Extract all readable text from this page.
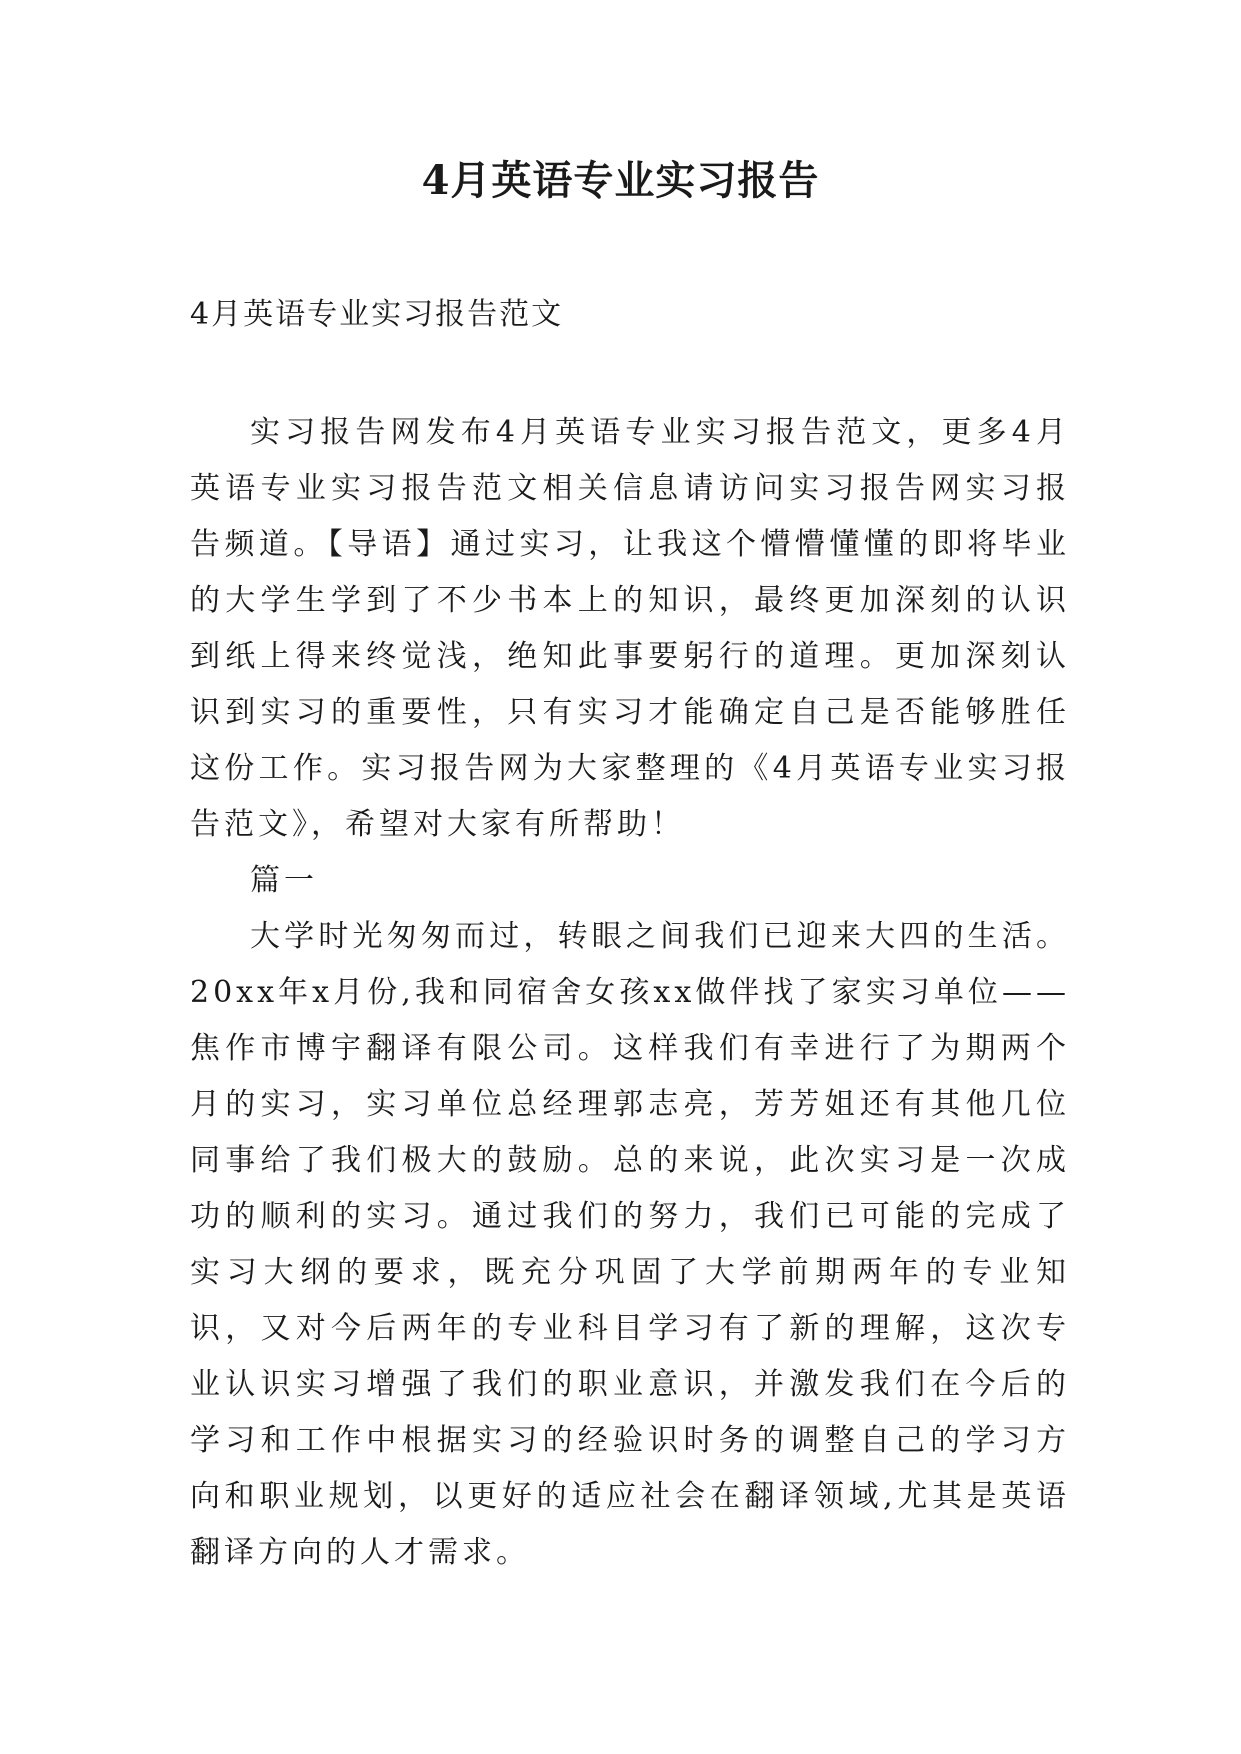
4月英语专业实习报告

4月英语专业实习报告范文

实习报告网发布4月英语专业实习报告范文，更多4月英语专业实习报告范文相关信息请访问实习报告网实习报告频道。【导语】通过实习，让我这个懵懵懂懂的即将毕业的大学生学到了不少书本上的知识，最终更加深刻的认识到纸上得来终觉浅，绝知此事要躬行的道理。更加深刻认识到实习的重要性，只有实习才能确定自己是否能够胜任这份工作。实习报告网为大家整理的《4月英语专业实习报告范文》，希望对大家有所帮助！

篇一

大学时光匆匆而过，转眼之间我们已迎来大四的生活。20xx年x月份,我和同宿舍女孩xx做伴找了家实习单位——焦作市博宇翻译有限公司。这样我们有幸进行了为期两个月的实习，实习单位总经理郭志亮，芳芳姐还有其他几位同事给了我们极大的鼓励。总的来说，此次实习是一次成功的顺利的实习。通过我们的努力，我们已可能的完成了实习大纲的要求，既充分巩固了大学前期两年的专业知识，又对今后两年的专业科目学习有了新的理解，这次专业认识实习增强了我们的职业意识，并激发我们在今后的学习和工作中根据实习的经验识时务的调整自己的学习方向和职业规划，以更好的适应社会在翻译领域,尤其是英语翻译方向的人才需求。
